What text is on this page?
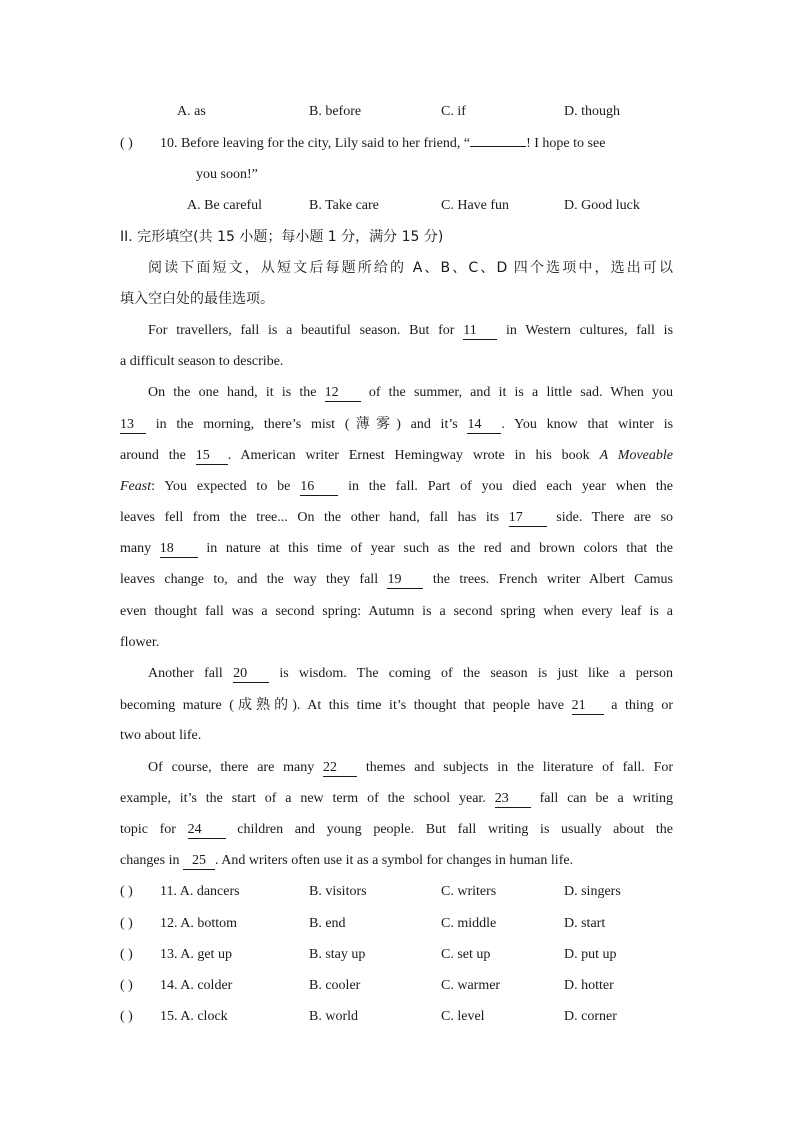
A. as	B. before	C. if	D. though
( ) 10. Before leaving for the city, Lily said to her friend, “	! I hope to see
you soon!”
A. Be careful	B. Take care	C. Have fun	D. Good luck
II. 完形填空(共 15 小题；每小题 1 分，满分 15 分)
阅读下面短文，从短文后每题所给的 A、B、C、D 四个选项中，选出可以
填入空白处的最佳选项。
For travellers, fall is a beautiful season. But for 11 in Western cultures, fall is
a difficult season to describe.
On the one hand, it is the 12 of the summer, and it is a little sad. When you
13 in the morning, there’s mist (薄雾) and it’s 14 . You know that winter is
around the 15 . American writer Ernest Hemingway wrote in his book A Moveable
Feast: You expected to be 16 in the fall. Part of you died each year when the
leaves fell from the tree... On the other hand, fall has its 17 side. There are so
many 18 in nature at this time of year such as the red and brown colors that the
leaves change to, and the way they fall 19 the trees. French writer Albert Camus
even thought fall was a second spring: Autumn is a second spring when every leaf is a
flower.
Another fall 20 is wisdom. The coming of the season is just like a person
becoming mature (成熟的). At this time it’s thought that people have 21 a thing or
two about life.
Of course, there are many 22 themes and subjects in the literature of fall. For
example, it’s the start of a new term of the school year. 23 fall can be a writing
topic for 24	children and young people. But fall writing is usually about the
changes in 25 . And writers often use it as a symbol for changes in human life.
( ) 11. A. dancers	B. visitors	C. writers	D. singers
( ) 12. A. bottom	B. end	C. middle	D. start
( ) 13. A. get up	B. stay up	C. set up	D. put up
( ) 14. A. colder	B. cooler	C. warmer	D. hotter
( ) 15. A. clock	B. world	C. level	D. corner
